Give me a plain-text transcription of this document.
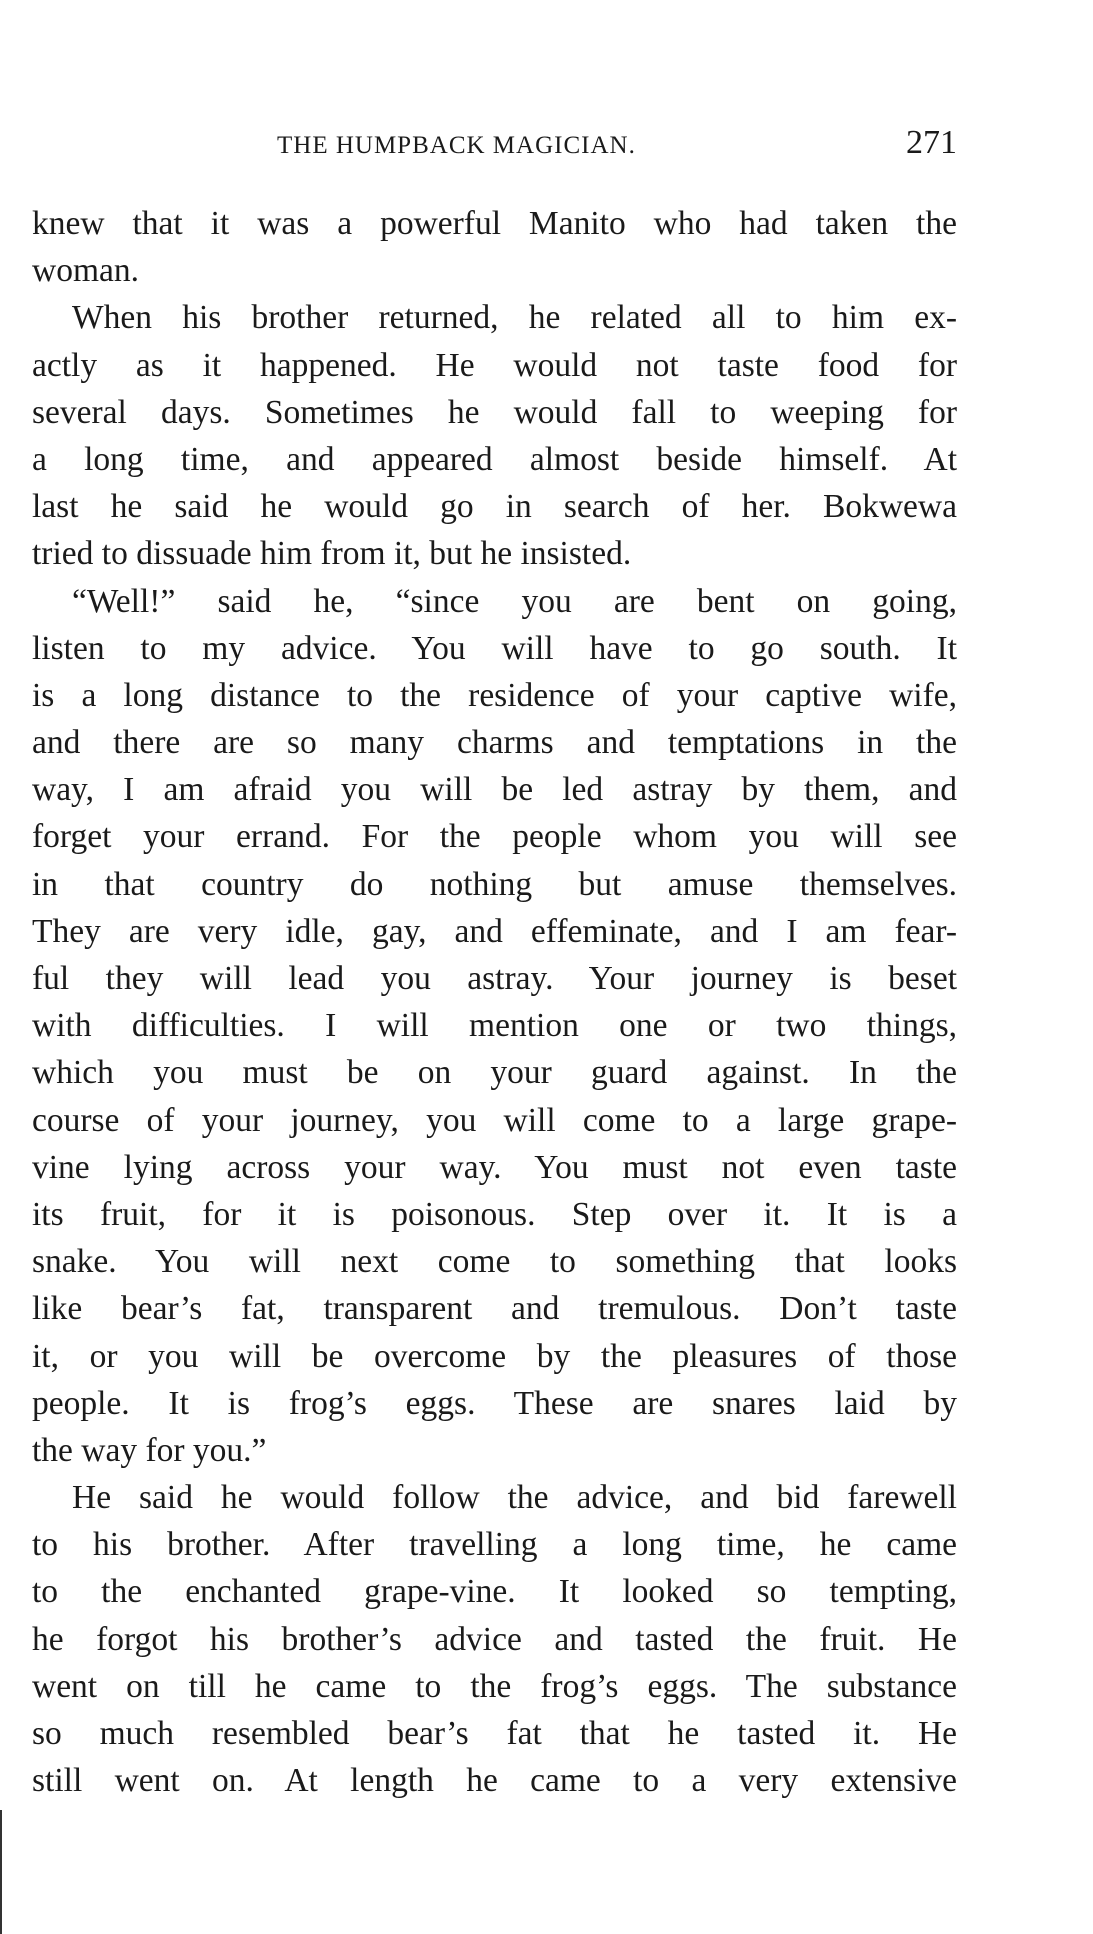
THE HUMPBACK MAGICIAN.	271
knew that it was a powerful Manito who had taken the
woman.
When his brother returned, he related all to him ex-
actly as it happened. He would not taste food for
several days. Sometimes he would fall to weeping for
a long time, and appeared almost beside himself. At
last he said he would go in search of her. Bokwewa
tried to dissuade him from it, but he insisted.
“Well!” said he, “since you are bent on going,
listen to my advice. You will have to go south. It
is a long distance to the residence of your captive wife,
and there are so many charms and temptations in the
way, I am afraid you will be led astray by them, and
forget your errand. For the people whom you will see
in that country do nothing but amuse themselves.
They are very idle, gay, and effeminate, and I am fear-
ful they will lead you astray. Your journey is beset
with difficulties. I will mention one or two things,
which you must be on your guard against. In the
course of your journey, you will come to a large grape-
vine lying across your way. You must not even taste
its fruit, for it is poisonous. Step over it. It is a
snake. You will next come to something that looks
like bear’s fat, transparent and tremulous. Don’t taste
it, or you will be overcome by the pleasures of those
people. It is frog’s eggs. These are snares laid by
the way for you.”
He said he would follow the advice, and bid farewell
to his brother. After travelling a long time, he came
to the enchanted grape-vine. It looked so tempting,
he forgot his brother’s advice and tasted the fruit. He
went on till he came to the frog’s eggs. The substance
so much resembled bear’s fat that he tasted it. He
still went on. At length he came to a very extensive
